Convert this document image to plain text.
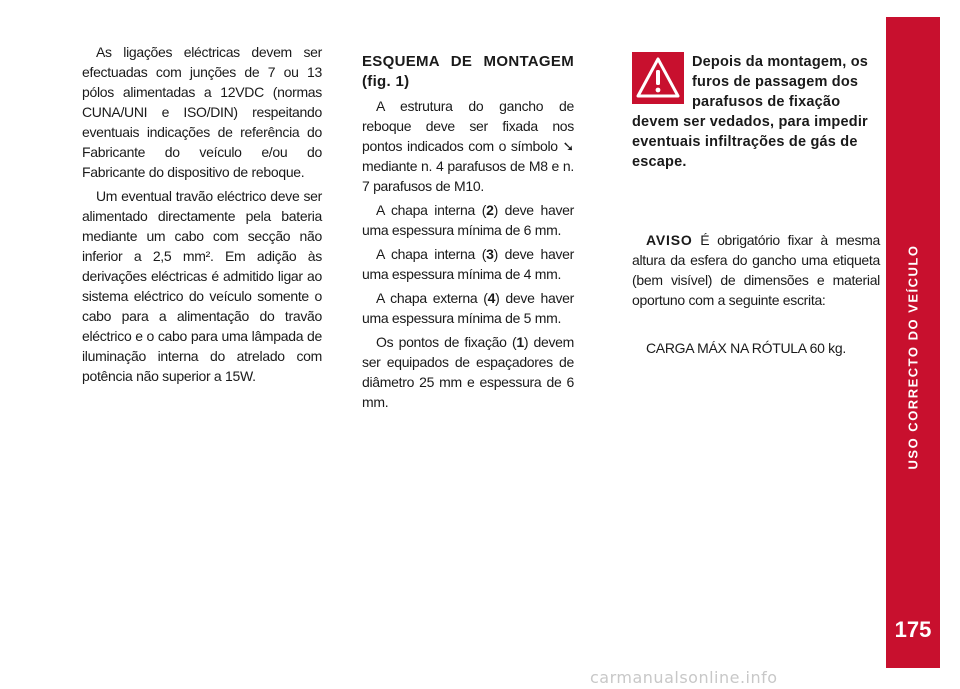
As ligações eléctricas devem ser efectuadas com junções de 7 ou 13 pólos alimentadas a 12VDC (normas CUNA/UNI e ISO/DIN) respeitando eventuais indicações de referência do Fabricante do veículo e/ou do Fabricante do dispositivo de reboque.

Um eventual travão eléctrico deve ser alimentado directamente pela bateria mediante um cabo com secção não inferior a 2,5 mm². Em adição às derivações eléctricas é admitido ligar ao sistema eléctrico do veículo somente o cabo para a alimentação do travão eléctrico e o cabo para uma lâmpada de iluminação interna do atrelado com potência não superior a 15W.

ESQUEMA DE MONTAGEM (fig. 1)

A estrutura do gancho de reboque deve ser fixada nos pontos indicados com o símbolo ➘ mediante n. 4 parafusos de M8 e n. 7 parafusos de M10.

A chapa interna (2) deve haver uma espessura mínima de 6 mm.

A chapa interna (3) deve haver uma espessura mínima de 4 mm.

A chapa externa (4) deve haver uma espessura mínima de 5 mm.

Os pontos de fixação (1) devem ser equipados de espaçadores de diâmetro 25 mm e espessura de 6 mm.

Depois da montagem, os furos de passagem dos parafusos de fixação devem ser vedados, para impedir eventuais infiltrações de gás de escape.

AVISO É obrigatório fixar à mesma altura da esfera do gancho uma etiqueta (bem visível) de dimensões e material oportuno com a seguinte escrita:

CARGA MÁX NA RÓTULA 60 kg.	USO CORRECTO DO VEÍCULO
175
carmanualsonline.info
